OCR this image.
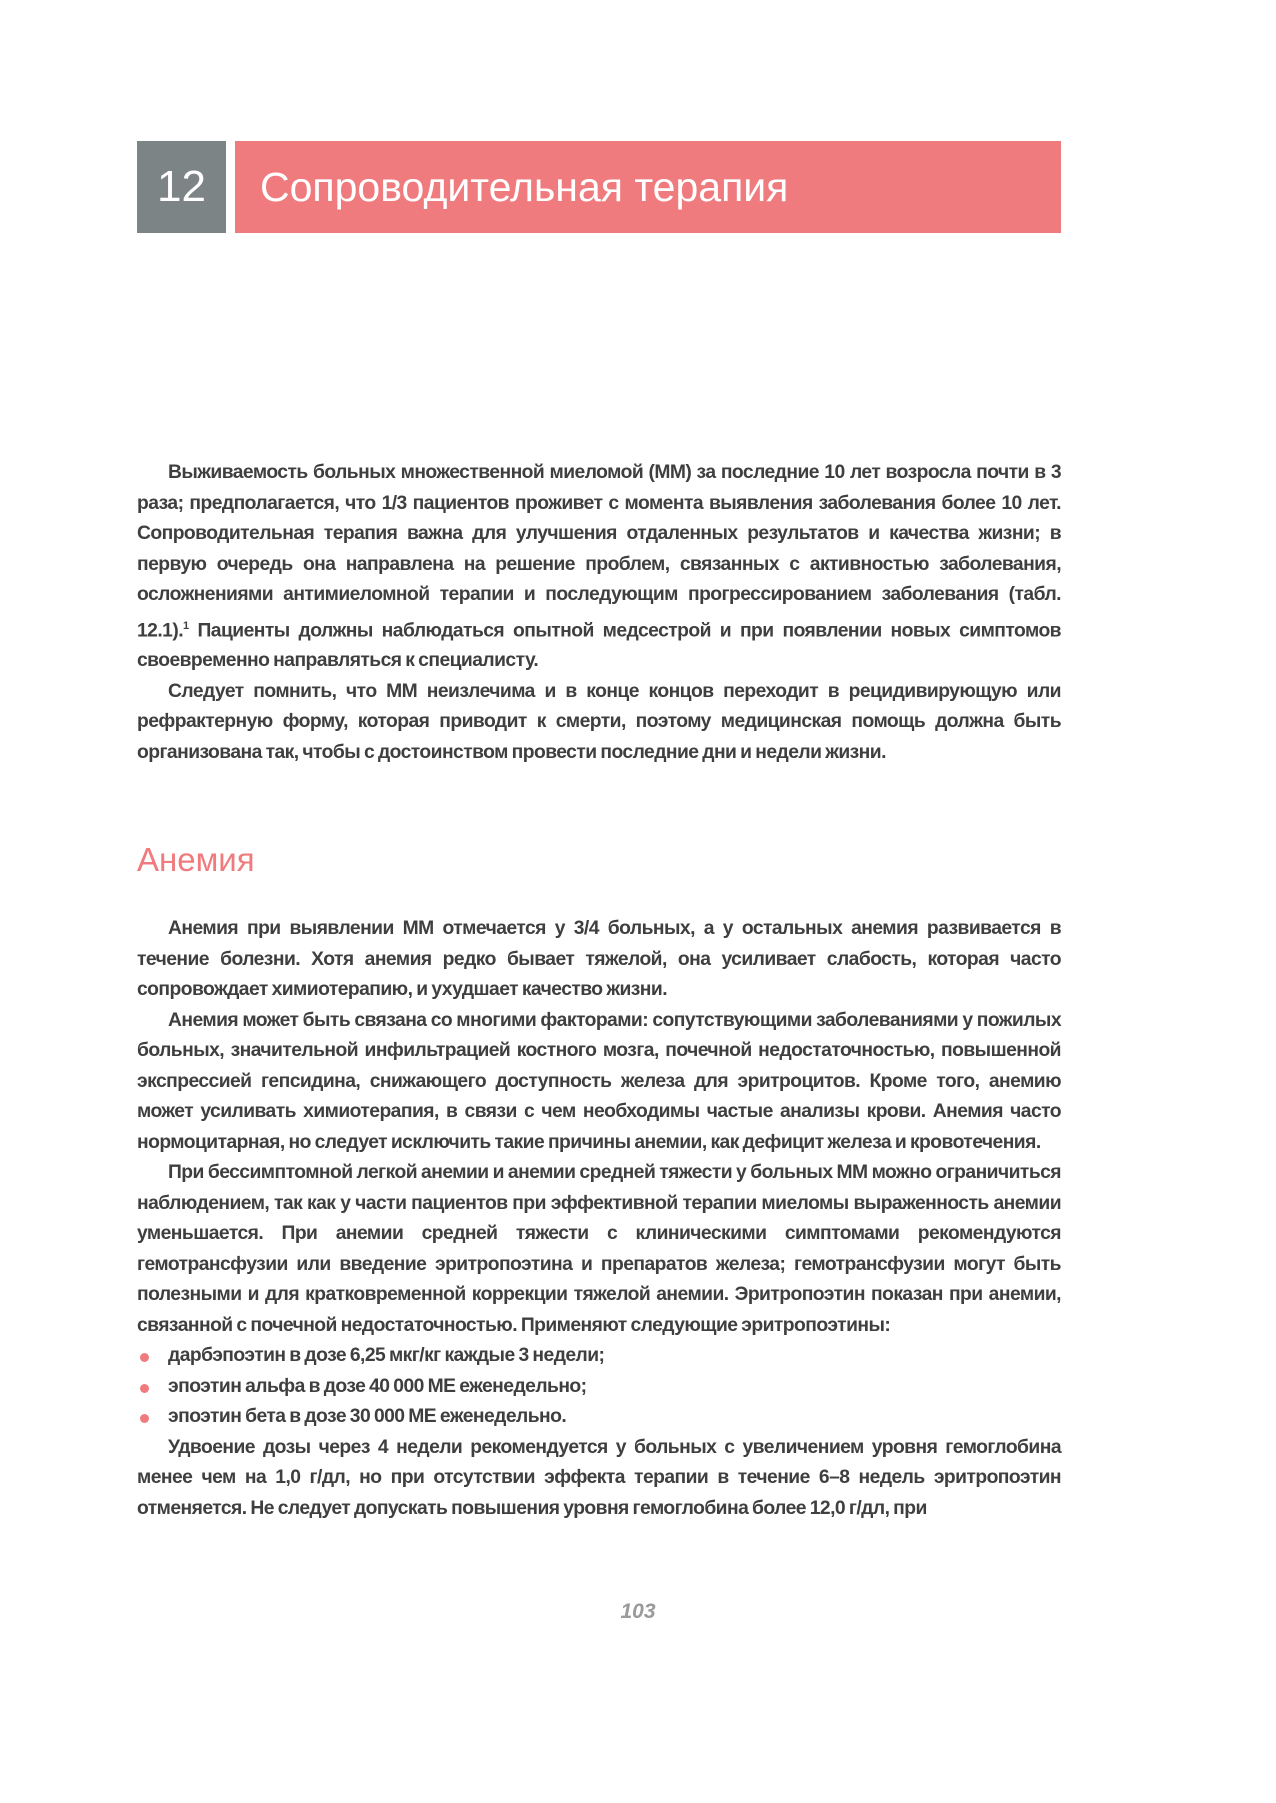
12	Сопроводительная терапия

Выживаемость больных множественной миеломой (ММ) за последние 10 лет возросла почти в 3 раза; предполагается, что 1/3 пациентов проживет с момента выявления заболевания более 10 лет. Сопроводительная терапия важна для улучшения отдаленных результатов и качества жизни; в первую очередь она направлена на решение проблем, связанных с активностью заболевания, осложнениями антимиеломной терапии и последующим прогрессированием заболевания (табл. 12.1).$^1$ Пациенты должны наблюдаться опытной медсестрой и при появлении новых симптомов своевременно направляться к специалисту.

Следует помнить, что ММ неизлечима и в конце концов переходит в рецидивирующую или рефрактерную форму, которая приводит к смерти, поэтому медицинская помощь должна быть организована так, чтобы с достоинством провести последние дни и недели жизни.

Анемия

Анемия при выявлении ММ отмечается у 3/4 больных, а у остальных анемия развивается в течение болезни. Хотя анемия редко бывает тяжелой, она усиливает слабость, которая часто сопровождает химиотерапию, и ухудшает качество жизни.

Анемия может быть связана со многими факторами: сопутствующими заболеваниями у пожилых больных, значительной инфильтрацией костного мозга, почечной недостаточностью, повышенной экспрессией гепсидина, снижающего доступность железа для эритроцитов. Кроме того, анемию может усиливать химиотерапия, в связи с чем необходимы частые анализы крови. Анемия часто нормоцитарная, но следует исключить такие причины анемии, как дефицит железа и кровотечения.

При бессимптомной легкой анемии и анемии средней тяжести у больных ММ можно ограничиться наблюдением, так как у части пациентов при эффективной терапии миеломы выраженность анемии уменьшается. При анемии средней тяжести с клиническими симптомами рекомендуются гемотрансфузии или введение эритропоэтина и препаратов железа; гемотрансфузии могут быть полезными и для кратковременной коррекции тяжелой анемии. Эритропоэтин показан при анемии, связанной с почечной недостаточностью. Применяют следующие эритропоэтины:

дарбэпоэтин в дозе 6,25 мкг/кг каждые 3 недели;
эпоэтин альфа в дозе 40 000 МЕ еженедельно;
эпоэтин бета в дозе 30 000 МЕ еженедельно.

Удвоение дозы через 4 недели рекомендуется у больных с увеличением уровня гемоглобина менее чем на 1,0 г/дл, но при отсутствии эффекта терапии в течение 6–8 недель эритропоэтин отменяется. Не следует допускать повышения уровня гемоглобина более 12,0 г/дл, при

103
